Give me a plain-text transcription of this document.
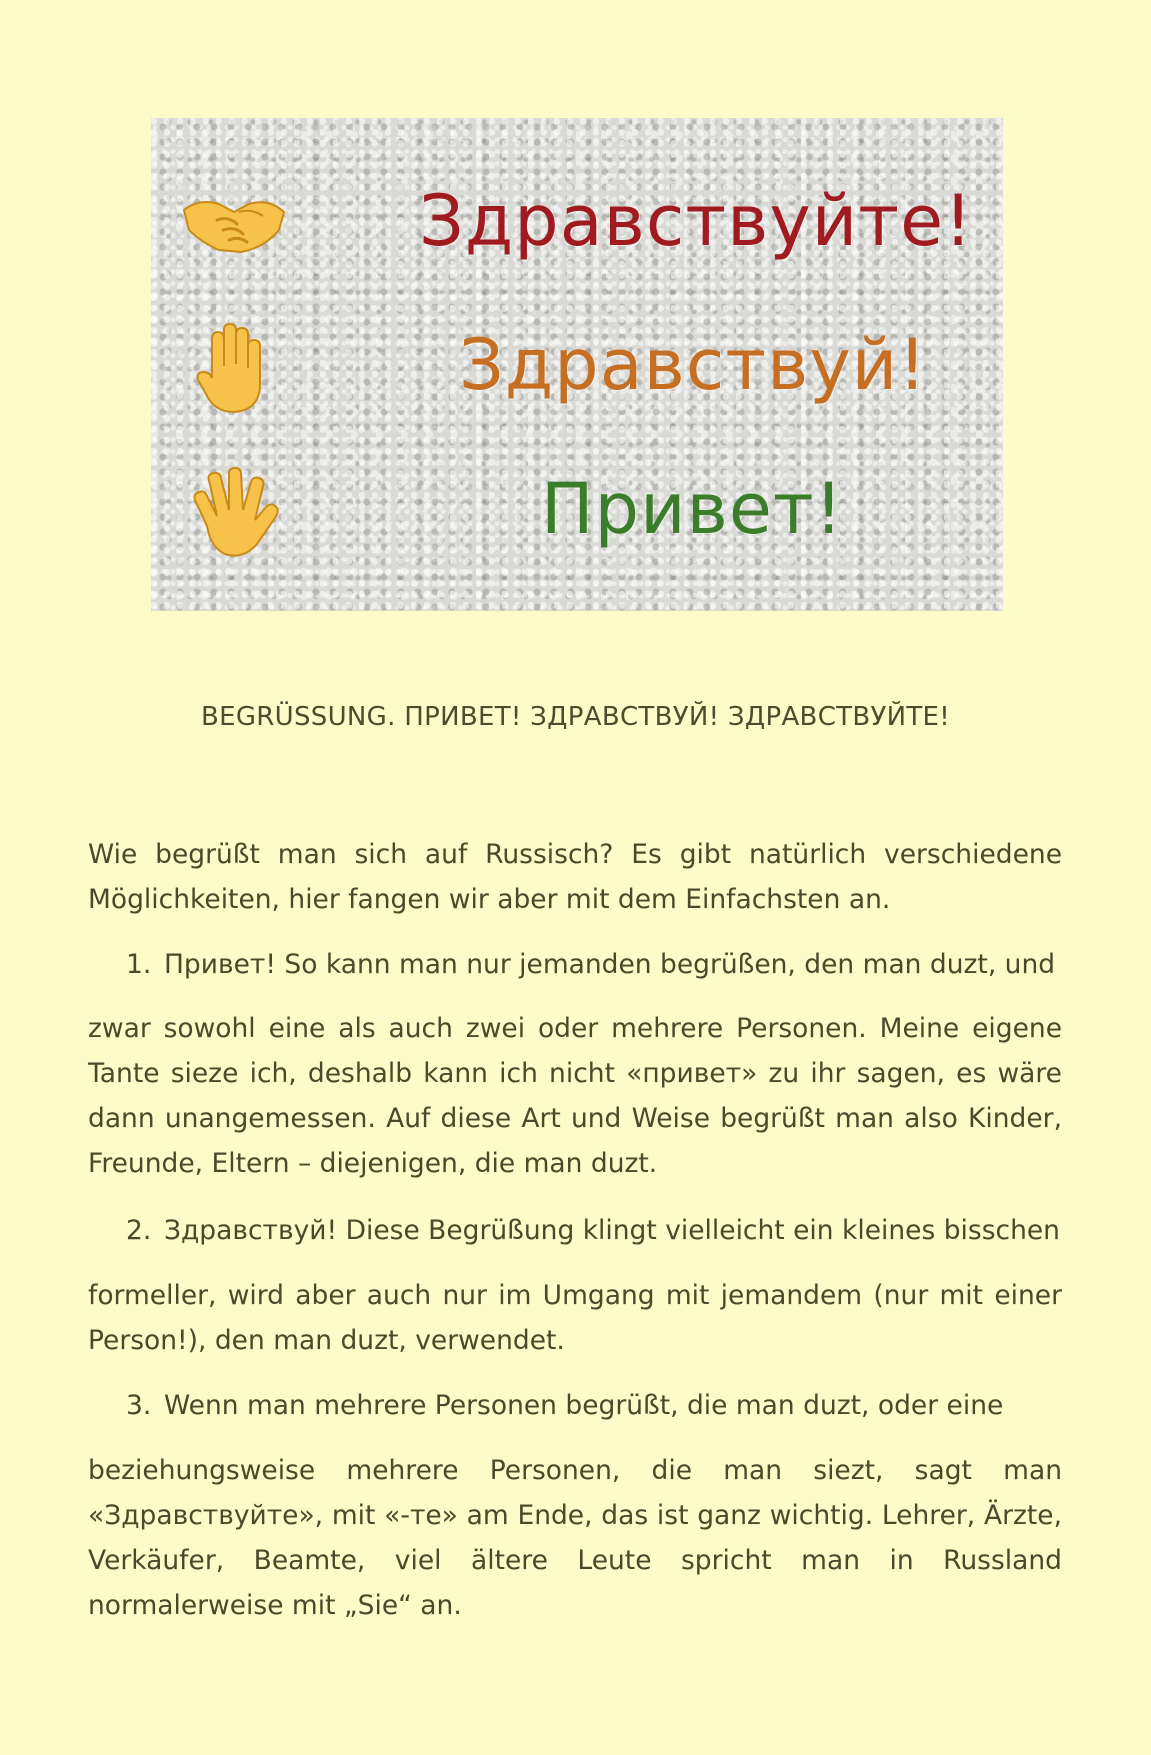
Здравствуйте!
Здравствуй!
Привет!
BEGRÜSSUNG. ПРИВЕТ! ЗДРАВСТВУЙ! ЗДРАВСТВУЙТЕ!
Wie begrüßt man sich auf Russisch? Es gibt natürlich verschiedene Möglichkeiten, hier fangen wir aber mit dem Einfachsten an.
1. Привет! So kann man nur jemanden begrüßen, den man duzt, und
zwar sowohl eine als auch zwei oder mehrere Personen. Meine eigene Tante sieze ich, deshalb kann ich nicht «привет» zu ihr sagen, es wäre dann unangemessen. Auf diese Art und Weise begrüßt man also Kinder, Freunde, Eltern – diejenigen, die man duzt.
2. Здравствуй! Diese Begrüßung klingt vielleicht ein kleines bisschen
formeller, wird aber auch nur im Umgang mit jemandem (nur mit einer Person!), den man duzt, verwendet.
3. Wenn man mehrere Personen begrüßt, die man duzt, oder eine
beziehungsweise mehrere Personen, die man siezt, sagt man «Здравствуйте», mit «-те» am Ende, das ist ganz wichtig. Lehrer, Ärzte, Verkäufer, Beamte, viel ältere Leute spricht man in Russland normalerweise mit „Sie“ an.
